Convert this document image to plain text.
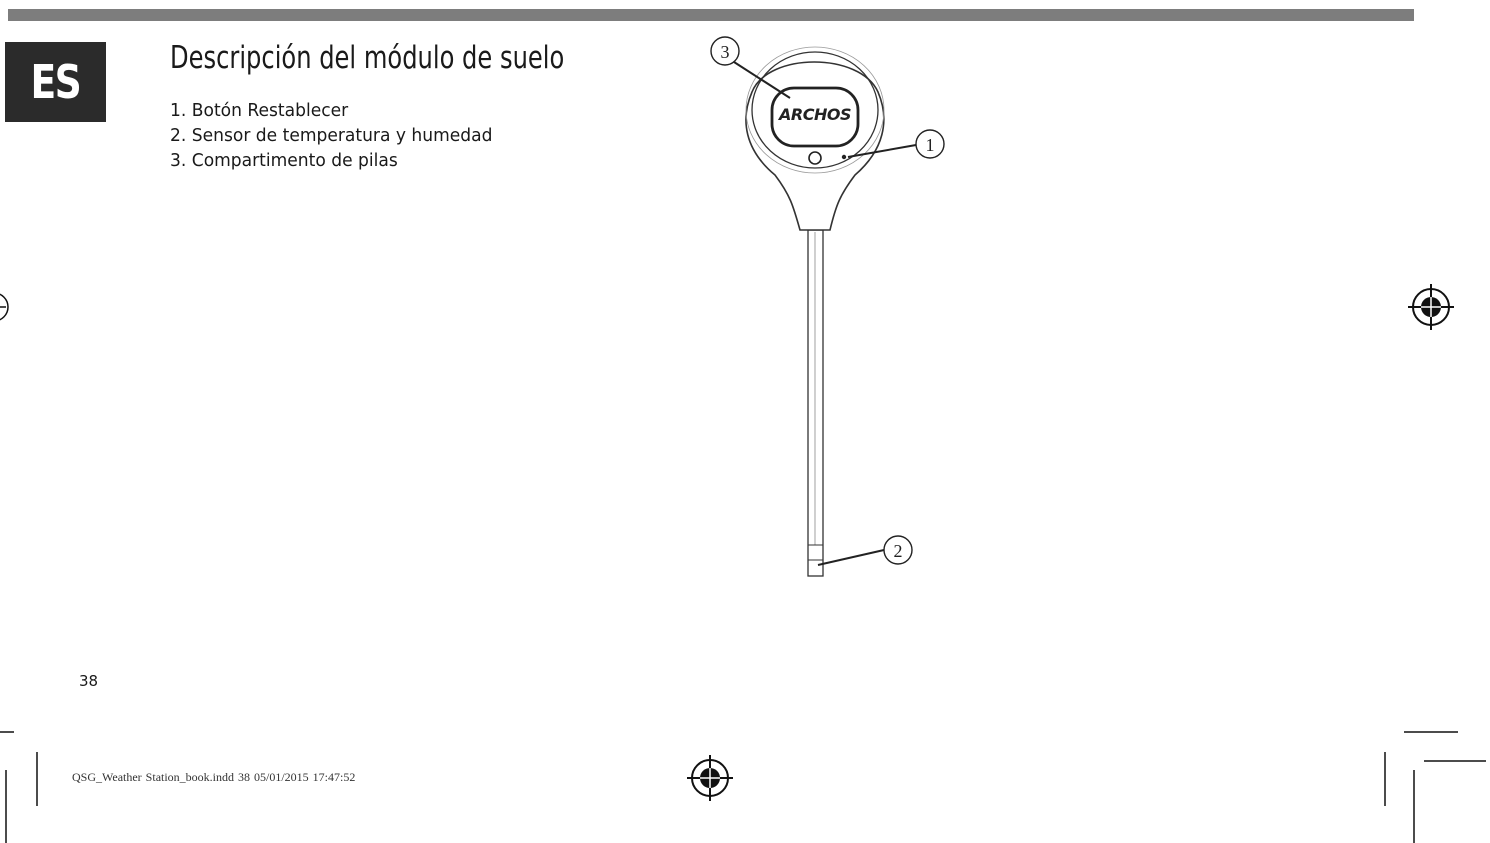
ES	Descripción del módulo de suelo
1. Botón Restablecer
2. Sensor de temperatura y humedad
3. Compartimento de pilas
ARCHOS
3
1
2
38
QSG_Weather Station_book.indd 38 05/01/2015 17:47:52
